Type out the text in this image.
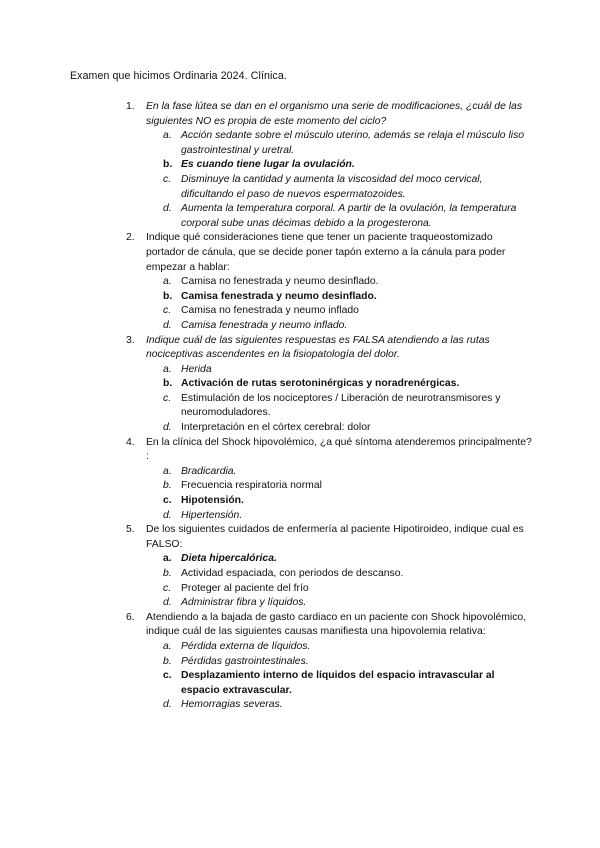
Examen que hicimos Ordinaria 2024. Clínica.
1. En la fase lútea se dan en el organismo una serie de modificaciones, ¿cuál de las siguientes NO es propia de este momento del ciclo?
a. Acción sedante sobre el músculo uterino, además se relaja el músculo liso gastrointestinal y uretral.
b. Es cuando tiene lugar la ovulación.
c. Disminuye la cantidad y aumenta la viscosidad del moco cervical, dificultando el paso de nuevos espermatozoides.
d. Aumenta la temperatura corporal. A partir de la ovulación, la temperatura corporal sube unas décimas debido a la progesterona.
2. Indique qué consideraciones tiene que tener un paciente traqueostomizado portador de cánula, que se decide poner tapón externo a la cánula para poder empezar a hablar:
a. Camisa no fenestrada y neumo desinflado.
b. Camisa fenestrada y neumo desinflado.
c. Camisa no fenestrada y neumo inflado
d. Camisa fenestrada y neumo inflado.
3. Indique cuál de las siguientes respuestas es FALSA atendiendo a las rutas nociceptivas ascendentes en la fisiopatología del dolor.
a. Herida
b. Activación de rutas serotoninérgicas y noradrenérgicas.
c. Estimulación de los nociceptores / Liberación de neurotransmisores y neuromoduladores.
d. Interpretación en el córtex cerebral: dolor
4. En la clínica del Shock hipovolémico, ¿a qué síntoma atenderemos principalmente? :
a. Bradicardia.
b. Frecuencia respiratoria normal
c. Hipotensión.
d. Hipertensión.
5. De los siguientes cuidados de enfermería al paciente Hipotiroideo, indique cual es FALSO:
a. Dieta hipercalórica.
b. Actividad espaciada, con periodos de descanso.
c. Proteger al paciente del frío
d. Administrar fibra y líquidos.
6. Atendiendo a la bajada de gasto cardiaco en un paciente con Shock hipovolémico, indique cuál de las siguientes causas manifiesta una hipovolemia relativa:
a. Pérdida externa de líquidos.
b. Pérdidas gastrointestinales.
c. Desplazamiento interno de líquidos del espacio intravascular al espacio extravascular.
d. Hemorragias severas.
